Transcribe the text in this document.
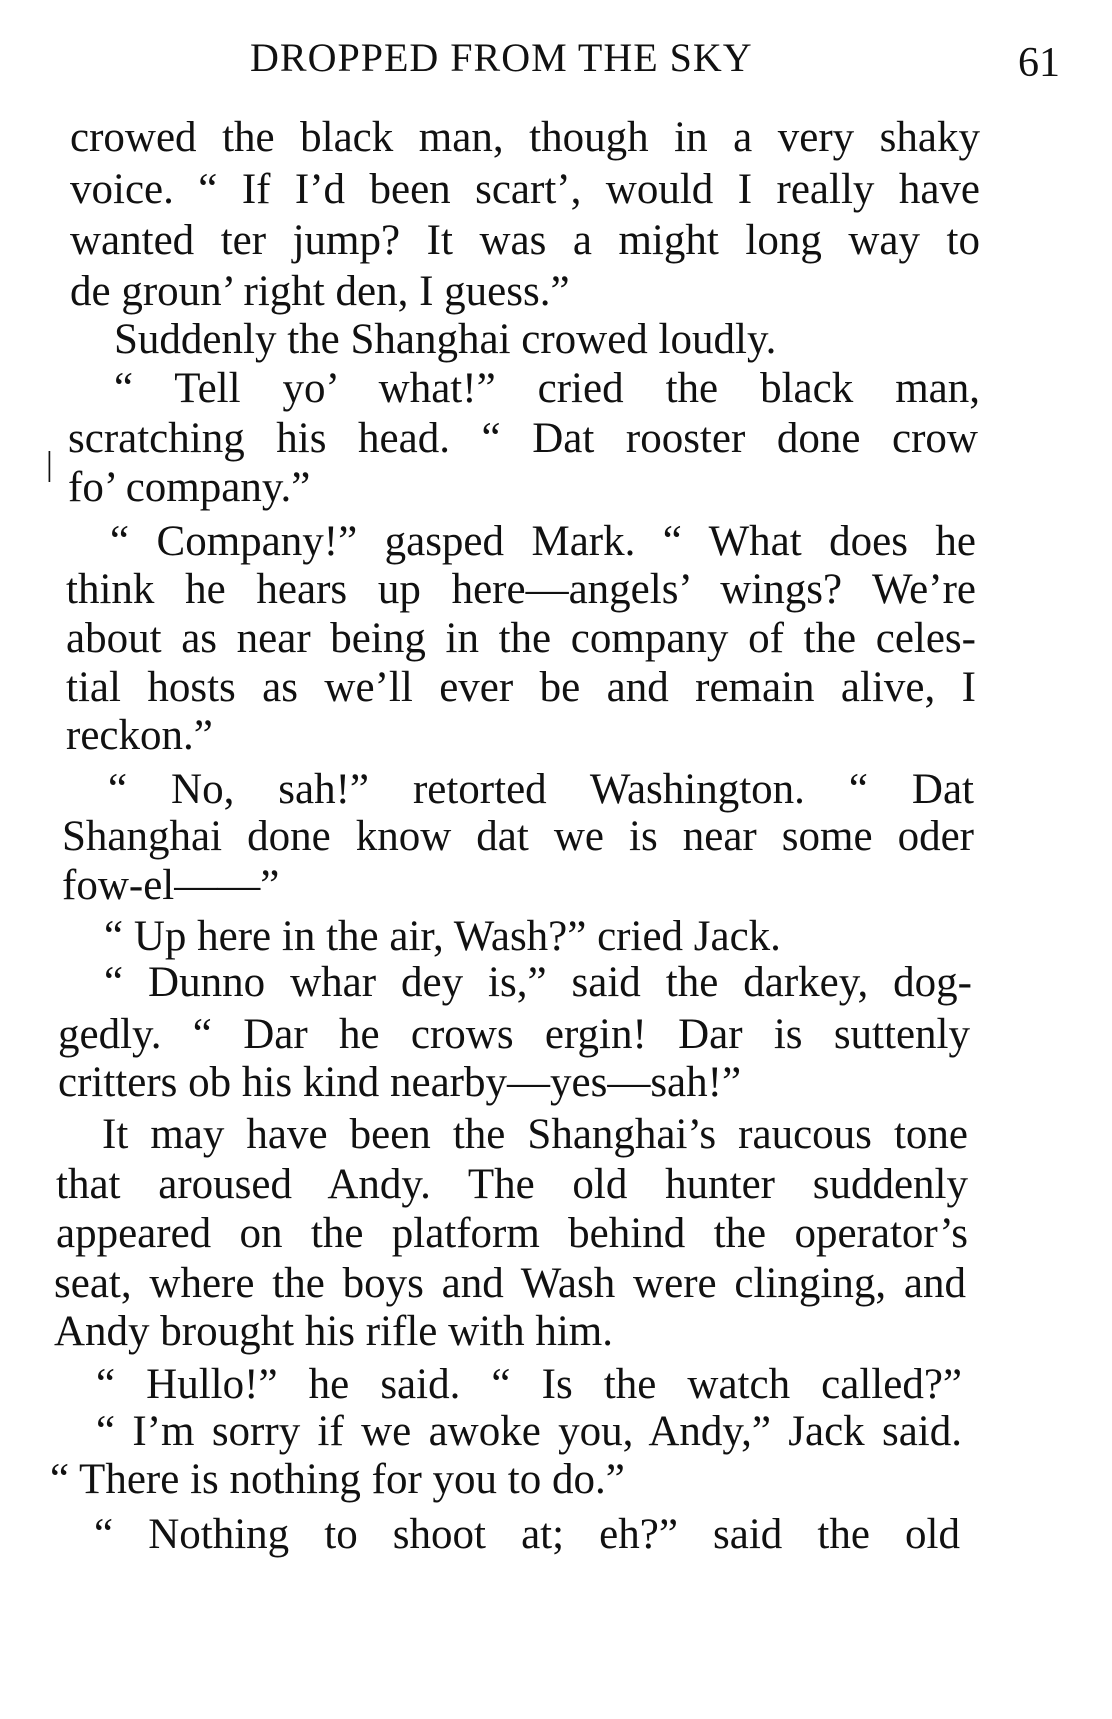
DROPPED FROM THE SKY	61
|
crowed the black man, though in a very shaky
voice. “ If I’d been scart’, would I really have
wanted ter jump? It was a might long way to
de groun’ right den, I guess.”
Suddenly the Shanghai crowed loudly.
“ Tell yo’ what!” cried the black man,
scratching his head. “ Dat rooster done crow
fo’ company.”
“ Company!” gasped Mark. “ What does he
think he hears up here—angels’ wings? We’re
about as near being in the company of the celes-
tial hosts as we’ll ever be and remain alive, I
reckon.”
“ No, sah!” retorted Washington. “ Dat
Shanghai done know dat we is near some oder
fow-el——”
“ Up here in the air, Wash?” cried Jack.
“ Dunno whar dey is,” said the darkey, dog-
gedly. “ Dar he crows ergin! Dar is suttenly
critters ob his kind nearby—yes—sah!”
It may have been the Shanghai’s raucous tone
that aroused Andy. The old hunter suddenly
appeared on the platform behind the operator’s
seat, where the boys and Wash were clinging, and
Andy brought his rifle with him.
“ Hullo!” he said. “ Is the watch called?”
“ I’m sorry if we awoke you, Andy,” Jack said.
“ There is nothing for you to do.”
“ Nothing to shoot at; eh?” said the old
